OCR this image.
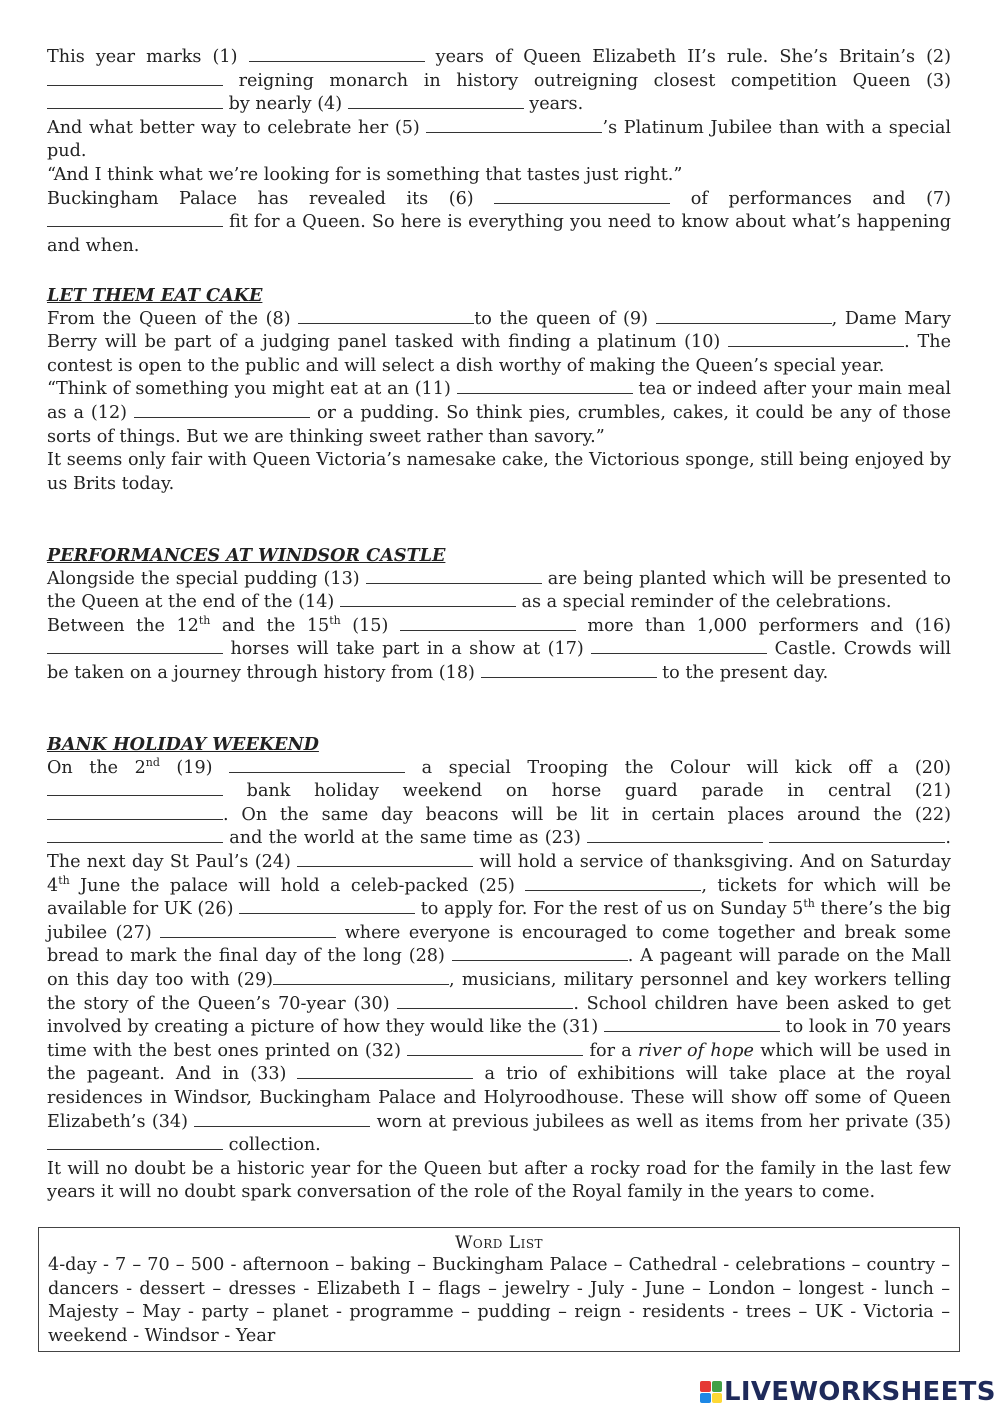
This year marks (1)	years of Queen Elizabeth II’s rule. She’s Britain’s (2)  reigning monarch in history outreigning closest competition Queen (3)  by nearly (4)	years.

And what better way to celebrate her (5)	’s Platinum Jubilee than with a special pud.

“And I think what we’re looking for is something that tastes just right.”

Buckingham Palace has revealed its (6)	of performances and (7)  fit for a Queen. So here is everything you need to know about what’s happening and when.

LET THEM EAT CAKE

From the Queen of the (8)	to the queen of (9)	, Dame Mary Berry will be part of a judging panel tasked with finding a platinum (10)	. The contest is open to the public and will select a dish worthy of making the Queen’s special year.

“Think of something you might eat at an (11)	tea or indeed after your main meal as a (12)	or a pudding. So think pies, crumbles, cakes, it could be any of those sorts of things. But we are thinking sweet rather than savory.”

It seems only fair with Queen Victoria’s namesake cake, the Victorious sponge, still being enjoyed by us Brits today.

PERFORMANCES AT WINDSOR CASTLE

Alongside the special pudding (13)	are being planted which will be presented to the Queen at the end of the (14)	as a special reminder of the celebrations.

Between the 12th and the 15th (15)	more than 1,000 performers and (16)  horses will take part in a show at (17)	Castle. Crowds will be taken on a journey through history from (18)	to the present day.

BANK HOLIDAY WEEKEND

On the 2nd (19)	a special Trooping the Colour will kick off a (20)  bank holiday weekend on horse guard parade in central (21) . On the same day beacons will be lit in certain places around the (22)  and the world at the same time as (23)	. The next day St Paul’s (24)	will hold a service of thanksgiving. And on Saturday 4th June the palace will hold a celeb-packed (25)	, tickets for which will be available for UK (26)	to apply for. For the rest of us on Sunday 5th there’s the big jubilee (27)	where everyone is encouraged to come together and break some bread to mark the final day of the long (28)	. A pageant will parade on the Mall on this day too with (29)	, musicians, military personnel and key workers telling the story of the Queen’s 70-year (30)	. School children have been asked to get involved by creating a picture of how they would like the (31)	to look in 70 years time with the best ones printed on (32)	for a river of hope which will be used in the pageant. And in (33)	a trio of exhibitions will take place at the royal residences in Windsor, Buckingham Palace and Holyroodhouse. These will show off some of Queen Elizabeth’s (34)	worn at previous jubilees as well as items from her private (35)  collection.

It will no doubt be a historic year for the Queen but after a rocky road for the family in the last few years it will no doubt spark conversation of the role of the Royal family in the years to come.

Word List

4-day - 7 – 70 – 500 - afternoon – baking – Buckingham Palace – Cathedral - celebrations – country – dancers - dessert – dresses - Elizabeth I – flags – jewelry - July - June – London – longest - lunch – Majesty – May - party – planet - programme – pudding – reign - residents - trees – UK - Victoria – weekend - Windsor - Year

LIVEWORKSHEETS
